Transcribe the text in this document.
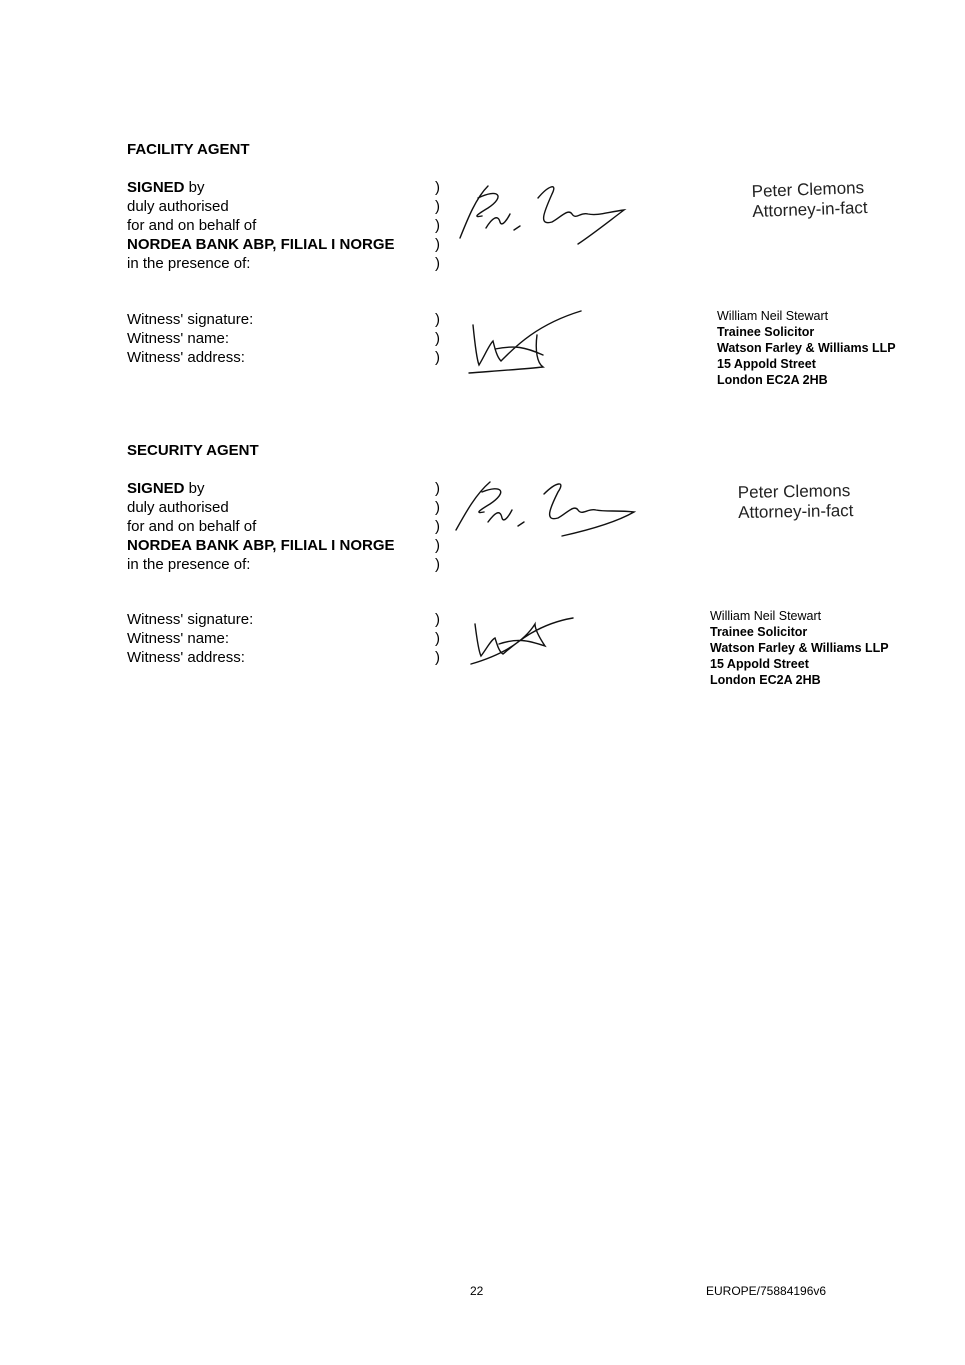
FACILITY AGENT
SIGNED by
duly authorised
for and on behalf of
NORDEA BANK ABP, FILIAL I NORGE
in the presence of:
)
)
)
)
)
Peter Clemons
Attorney-in-fact
Witness' signature:
Witness' name:
Witness' address:
)
)
)
William Neil Stewart
Trainee Solicitor
Watson Farley & Williams LLP
15 Appold Street
London EC2A 2HB
SECURITY AGENT
SIGNED by
duly authorised
for and on behalf of
NORDEA BANK ABP, FILIAL I NORGE
in the presence of:
)
)
)
)
)
Peter Clemons
Attorney-in-fact
Witness' signature:
Witness' name:
Witness' address:
)
)
)
William Neil Stewart
Trainee Solicitor
Watson Farley & Williams LLP
15 Appold Street
London EC2A 2HB
22	EUROPE/75884196v6
